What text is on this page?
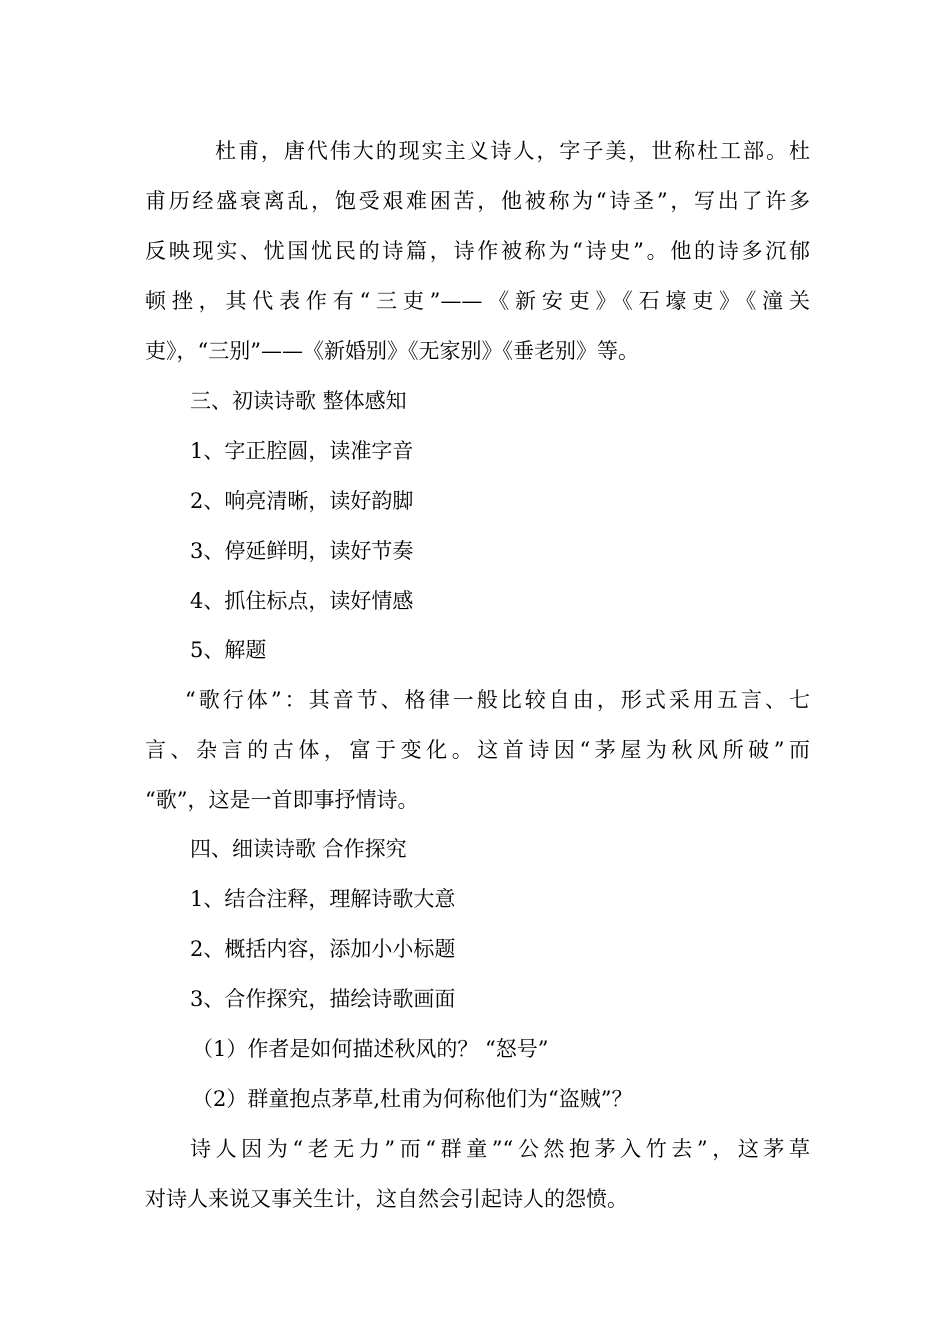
杜甫，唐代伟大的现实主义诗人，字子美，世称杜工部。杜
甫历经盛衰离乱，饱受艰难困苦，他被称为“诗圣”，写出了许多
反映现实、忧国忧民的诗篇，诗作被称为“诗史”。他的诗多沉郁
顿挫，其代表作有“三吏”——《新安吏》《石壕吏》《潼关
吏》，“三别”——《新婚别》《无家别》《垂老别》等。
三、初读诗歌 整体感知
1、字正腔圆，读准字音
2、响亮清晰，读好韵脚
3、停延鲜明，读好节奏
4、抓住标点，读好情感
5、解题
“歌行体”：其音节、格律一般比较自由，形式采用五言、七
言、杂言的古体，富于变化。这首诗因“茅屋为秋风所破”而
“歌”，这是一首即事抒情诗。
四、细读诗歌 合作探究
1、结合注释，理解诗歌大意
2、概括内容，添加小小标题
3、合作探究，描绘诗歌画面
（1）作者是如何描述秋风的？ “怒号”
（2）群童抱点茅草,杜甫为何称他们为“盗贼”？
诗人因为“老无力”而“群童”“公然抱茅入竹去”，这茅草
对诗人来说又事关生计，这自然会引起诗人的怨愤。
